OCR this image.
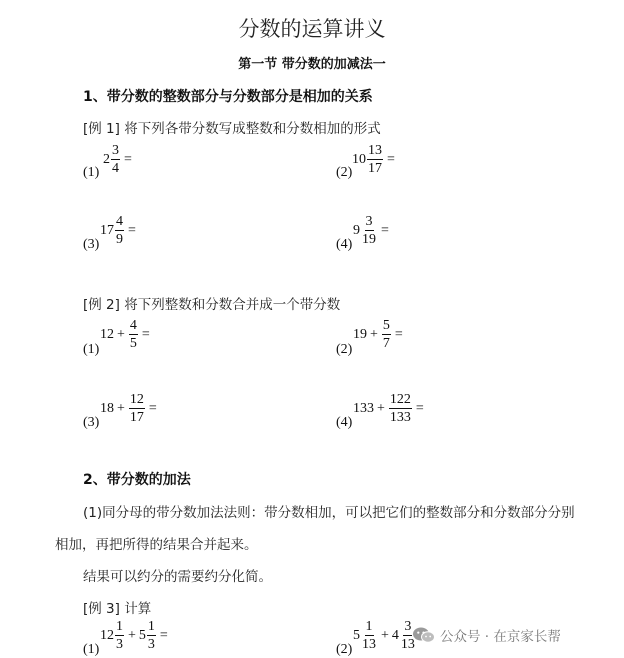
分数的运算讲义
第一节 带分数的加减法一
1、带分数的整数部分与分数部分是相加的关系
[例 1] 将下列各带分数写成整数和分数相加的形式
(1)
$2 \frac{3}{4}$ =
(2)
$10 \frac{13}{17}$ =
(3)
$17 \frac{4}{9}$ =
(4)
$9 \frac{3}{19}$ =
[例 2] 将下列整数和分数合并成一个带分数
(1)
$12 + \frac{4}{5}$ =
(2)
$19 + \frac{5}{7}$ =
(3)
$18 + \frac{12}{17}$ =
(4)
$133 + \frac{122}{133}$ =
2、带分数的加法
(1)同分母的带分数加法法则：带分数相加，可以把它们的整数部分和分数部分分别
相加，再把所得的结果合并起来。
结果可以约分的需要约分化简。
[例 3] 计算
(1)
$12 \frac{1}{3} + 5 \frac{1}{3}$ =
(2)
$5 \frac{1}{13} + 4 \frac{3}{13}$ 公众号 · 在京家长帮
